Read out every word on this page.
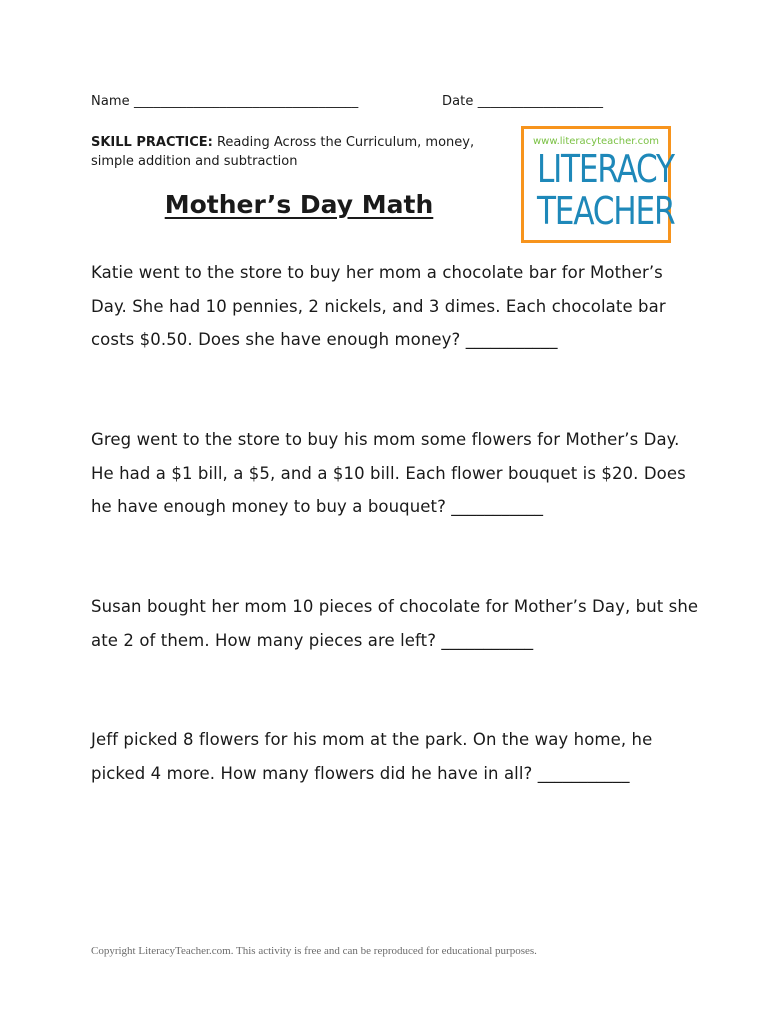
Name __________________________________	Date ___________________
SKILL PRACTICE: Reading Across the Curriculum, money, simple addition and subtraction
Mother’s Day Math
www.literacyteacher.com
LITERACY
TEACHER
Katie went to the store to buy her mom a chocolate bar for Mother’s Day. She had 10 pennies, 2 nickels, and 3 dimes. Each chocolate bar costs $0.50. Does she have enough money? ___________
Greg went to the store to buy his mom some flowers for Mother’s Day. He had a $1 bill, a $5, and a $10 bill. Each flower bouquet is $20. Does he have enough money to buy a bouquet? ___________
Susan bought her mom 10 pieces of chocolate for Mother’s Day, but she ate 2 of them. How many pieces are left? ___________
Jeff picked 8 flowers for his mom at the park. On the way home, he picked 4 more. How many flowers did he have in all? ___________
Copyright LiteracyTeacher.com. This activity is free and can be reproduced for educational purposes.
